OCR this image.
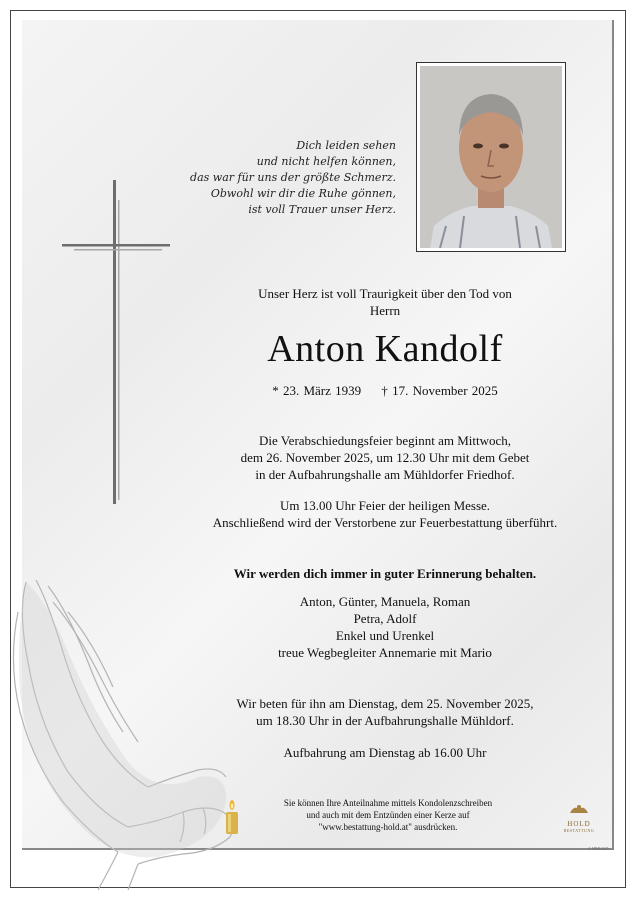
Dich leiden sehen
und nicht helfen können,
das war für uns der größte Schmerz.
Obwohl wir dir die Ruhe gönnen,
ist voll Trauer unser Herz.
Unser Herz ist voll Traurigkeit über den Tod von
Herrn
Anton Kandolf
* 23. März 1939 † 17. November 2025
Die Verabschiedungsfeier beginnt am Mittwoch,
dem 26. November 2025, um 12.30 Uhr mit dem Gebet
in der Aufbahrungshalle am Mühldorfer Friedhof.
Um 13.00 Uhr Feier der heiligen Messe.
Anschließend wird der Verstorbene zur Feuerbestattung überführt.
Wir werden dich immer in guter Erinnerung behalten.
Anton, Günter, Manuela, Roman
Petra, Adolf
Enkel und Urenkel
treue Wegbegleiter Annemarie mit Mario
Wir beten für ihn am Dienstag, dem 25. November 2025,
um 18.30 Uhr in der Aufbahrungshalle Mühldorf.
Aufbahrung am Dienstag ab 16.00 Uhr
Sie können Ihre Anteilnahme mittels Kondolenzschreiben
und auch mit dem Entzünden einer Kerze auf
"www.bestattung-hold.at" ausdrücken.	HOLD
BESTATTUNG
© HBP 2025
